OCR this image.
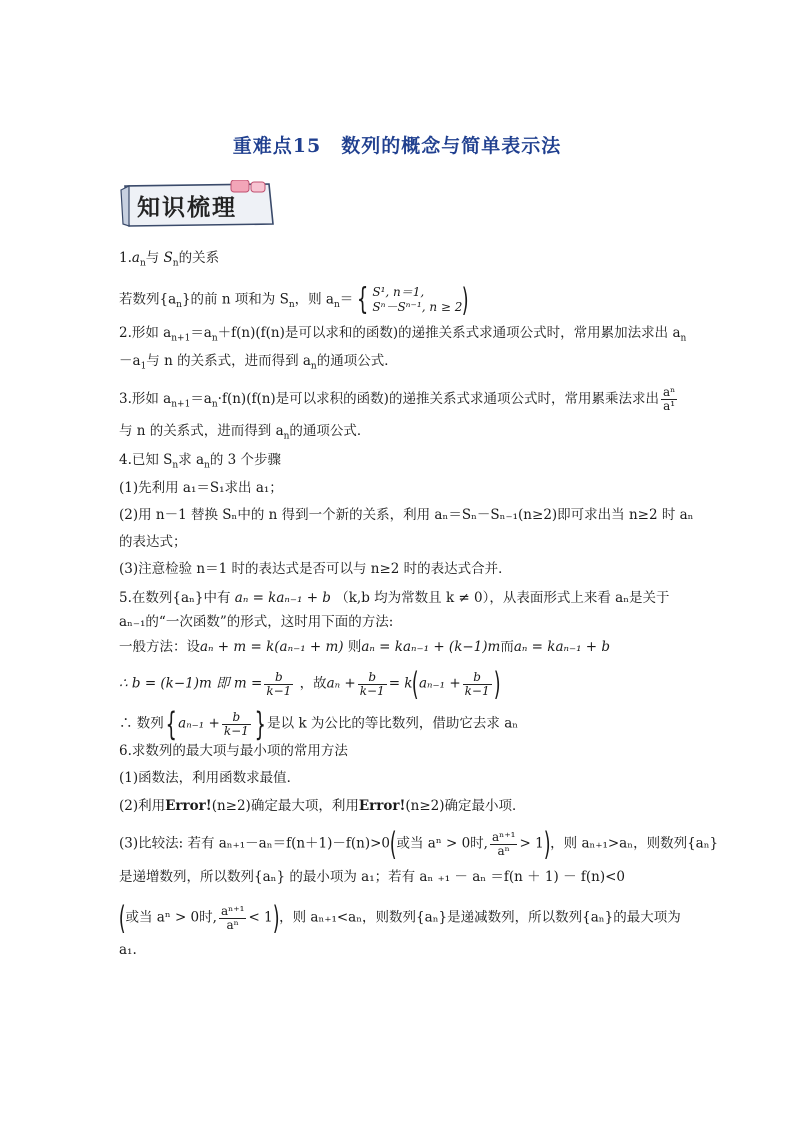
重难点15　数列的概念与简单表示法
知识梳理
$1.a_n$与 $S_n$的关系
若数列$\{a_n\}$的前 n 项和为 $S_n$，则 $a_n=$ { S¹, n＝1,
Sⁿ－Sⁿ⁻¹, n ≥ 2 )
2.形如 $a_{n+1}=a_n+f(n)(f(n)$是可以求和的函数)的递推关系式求通项公式时，常用累加法求出 $a_n$
$-a_1$与 n 的关系式，进而得到 $a_n$的通项公式．
3.形如 $a_{n+1}=a_n\cdot f(n)(f(n)$是可以求积的函数)的递推关系式求通项公式时，常用累乘法求出 $\frac{\text{aⁿ}}{\text{a¹}}$
与 n 的关系式，进而得到 $a_n$的通项公式．
4.已知 $S_n$求 $a_n$的 3 个步骤
(1)先利用 a₁＝S₁求出 a₁；
(2)用 n－1 替换 Sₙ中的 n 得到一个新的关系，利用 aₙ＝Sₙ－Sₙ₋₁(n≥2)即可求出当 n≥2 时 aₙ
的表达式；
(3)注意检验 n＝1 时的表达式是否可以与 n≥2 时的表达式合并．
5.在数列{aₙ}中有 aₙ = kaₙ₋₁ + b （k,b 均为常数且 k ≠ 0），从表面形式上来看 aₙ是关于
aₙ₋₁的“一次函数”的形式，这时用下面的方法:
一般方法：设aₙ + m = k(aₙ₋₁ + m) 则aₙ = kaₙ₋₁ + (k−1)m而aₙ = kaₙ₋₁ + b
∴ b = (k−1)m 即 $m = \frac{b}{k-1}$ ，故$a_n + \frac{b}{k-1} = k(a_{n-1} + \frac{b}{k-1}$ )
∴ 数列{ $a_{n-1} + \frac{b}{k-1}$ } 是以 k 为公比的等比数列，借助它去求 aₙ
6.求数列的最大项与最小项的常用方法
(1)函数法，利用函数求最值．
(2)利用Error!(n≥2)确定最大项，利用Error!(n≥2)确定最小项．
(3)比较法: 若有 aₙ₊₁－aₙ＝f(n＋1)－f(n)>0(或当 aⁿ > 0时, $\frac{\text{aⁿ⁺¹}}{\text{aⁿ}} > 1$)，则 aₙ₊₁>aₙ，则数列{aₙ}
是递增数列，所以数列{aₙ} 的最小项为 a₁；若有 aₙ ₊₁ － aₙ ＝f(n ＋ 1) － f(n)<0
(或当 aⁿ > 0时, $\frac{\text{aⁿ⁺¹}}{\text{aⁿ}} < 1$)，则 aₙ₊₁<aₙ，则数列{aₙ}是递减数列，所以数列{aₙ}的最大项为
a₁.
